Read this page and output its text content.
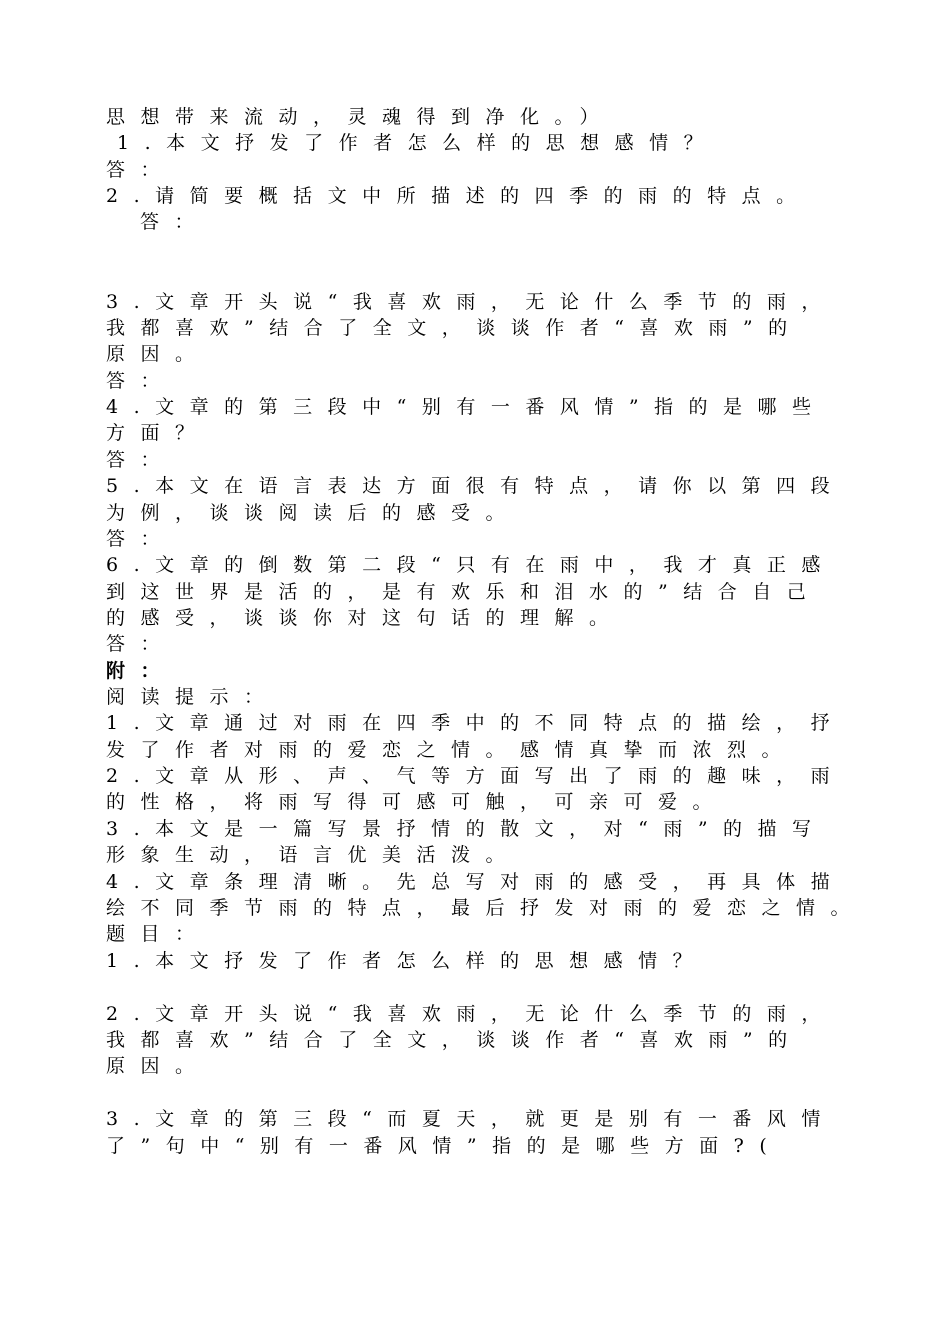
思想带来流动，灵魂得到净化。）
1.本文抒发了作者怎么样的思想感情？
答：
2.请简要概括文中所描述的四季的雨的特点。
答：
3.文章开头说“我喜欢雨，无论什么季节的雨，
我都喜欢”结合了全文，谈谈作者“喜欢雨”的
原因。
答：
4.文章的第三段中“别有一番风情”指的是哪些
方面？
答：
5.本文在语言表达方面很有特点，请你以第四段
为例，谈谈阅读后的感受。
答：
6.文章的倒数第二段“只有在雨中，我才真正感
到这世界是活的，是有欢乐和泪水的”结合自己
的感受，谈谈你对这句话的理解。
答：
附：
阅读提示：
1.文章通过对雨在四季中的不同特点的描绘，抒
发了作者对雨的爱恋之情。感情真挚而浓烈。
2.文章从形、声、气等方面写出了雨的趣味，雨
的性格，将雨写得可感可触，可亲可爱。
3.本文是一篇写景抒情的散文，对“雨”的描写
形象生动，语言优美活泼。
4.文章条理清晰。先总写对雨的感受，再具体描
绘不同季节雨的特点，最后抒发对雨的爱恋之情。
题目：
1.本文抒发了作者怎么样的思想感情？
2.文章开头说“我喜欢雨，无论什么季节的雨，
我都喜欢”结合了全文，谈谈作者“喜欢雨”的
原因。
3.文章的第三段“而夏天，就更是别有一番风情
了”句中“别有一番风情”指的是哪些方面?(
